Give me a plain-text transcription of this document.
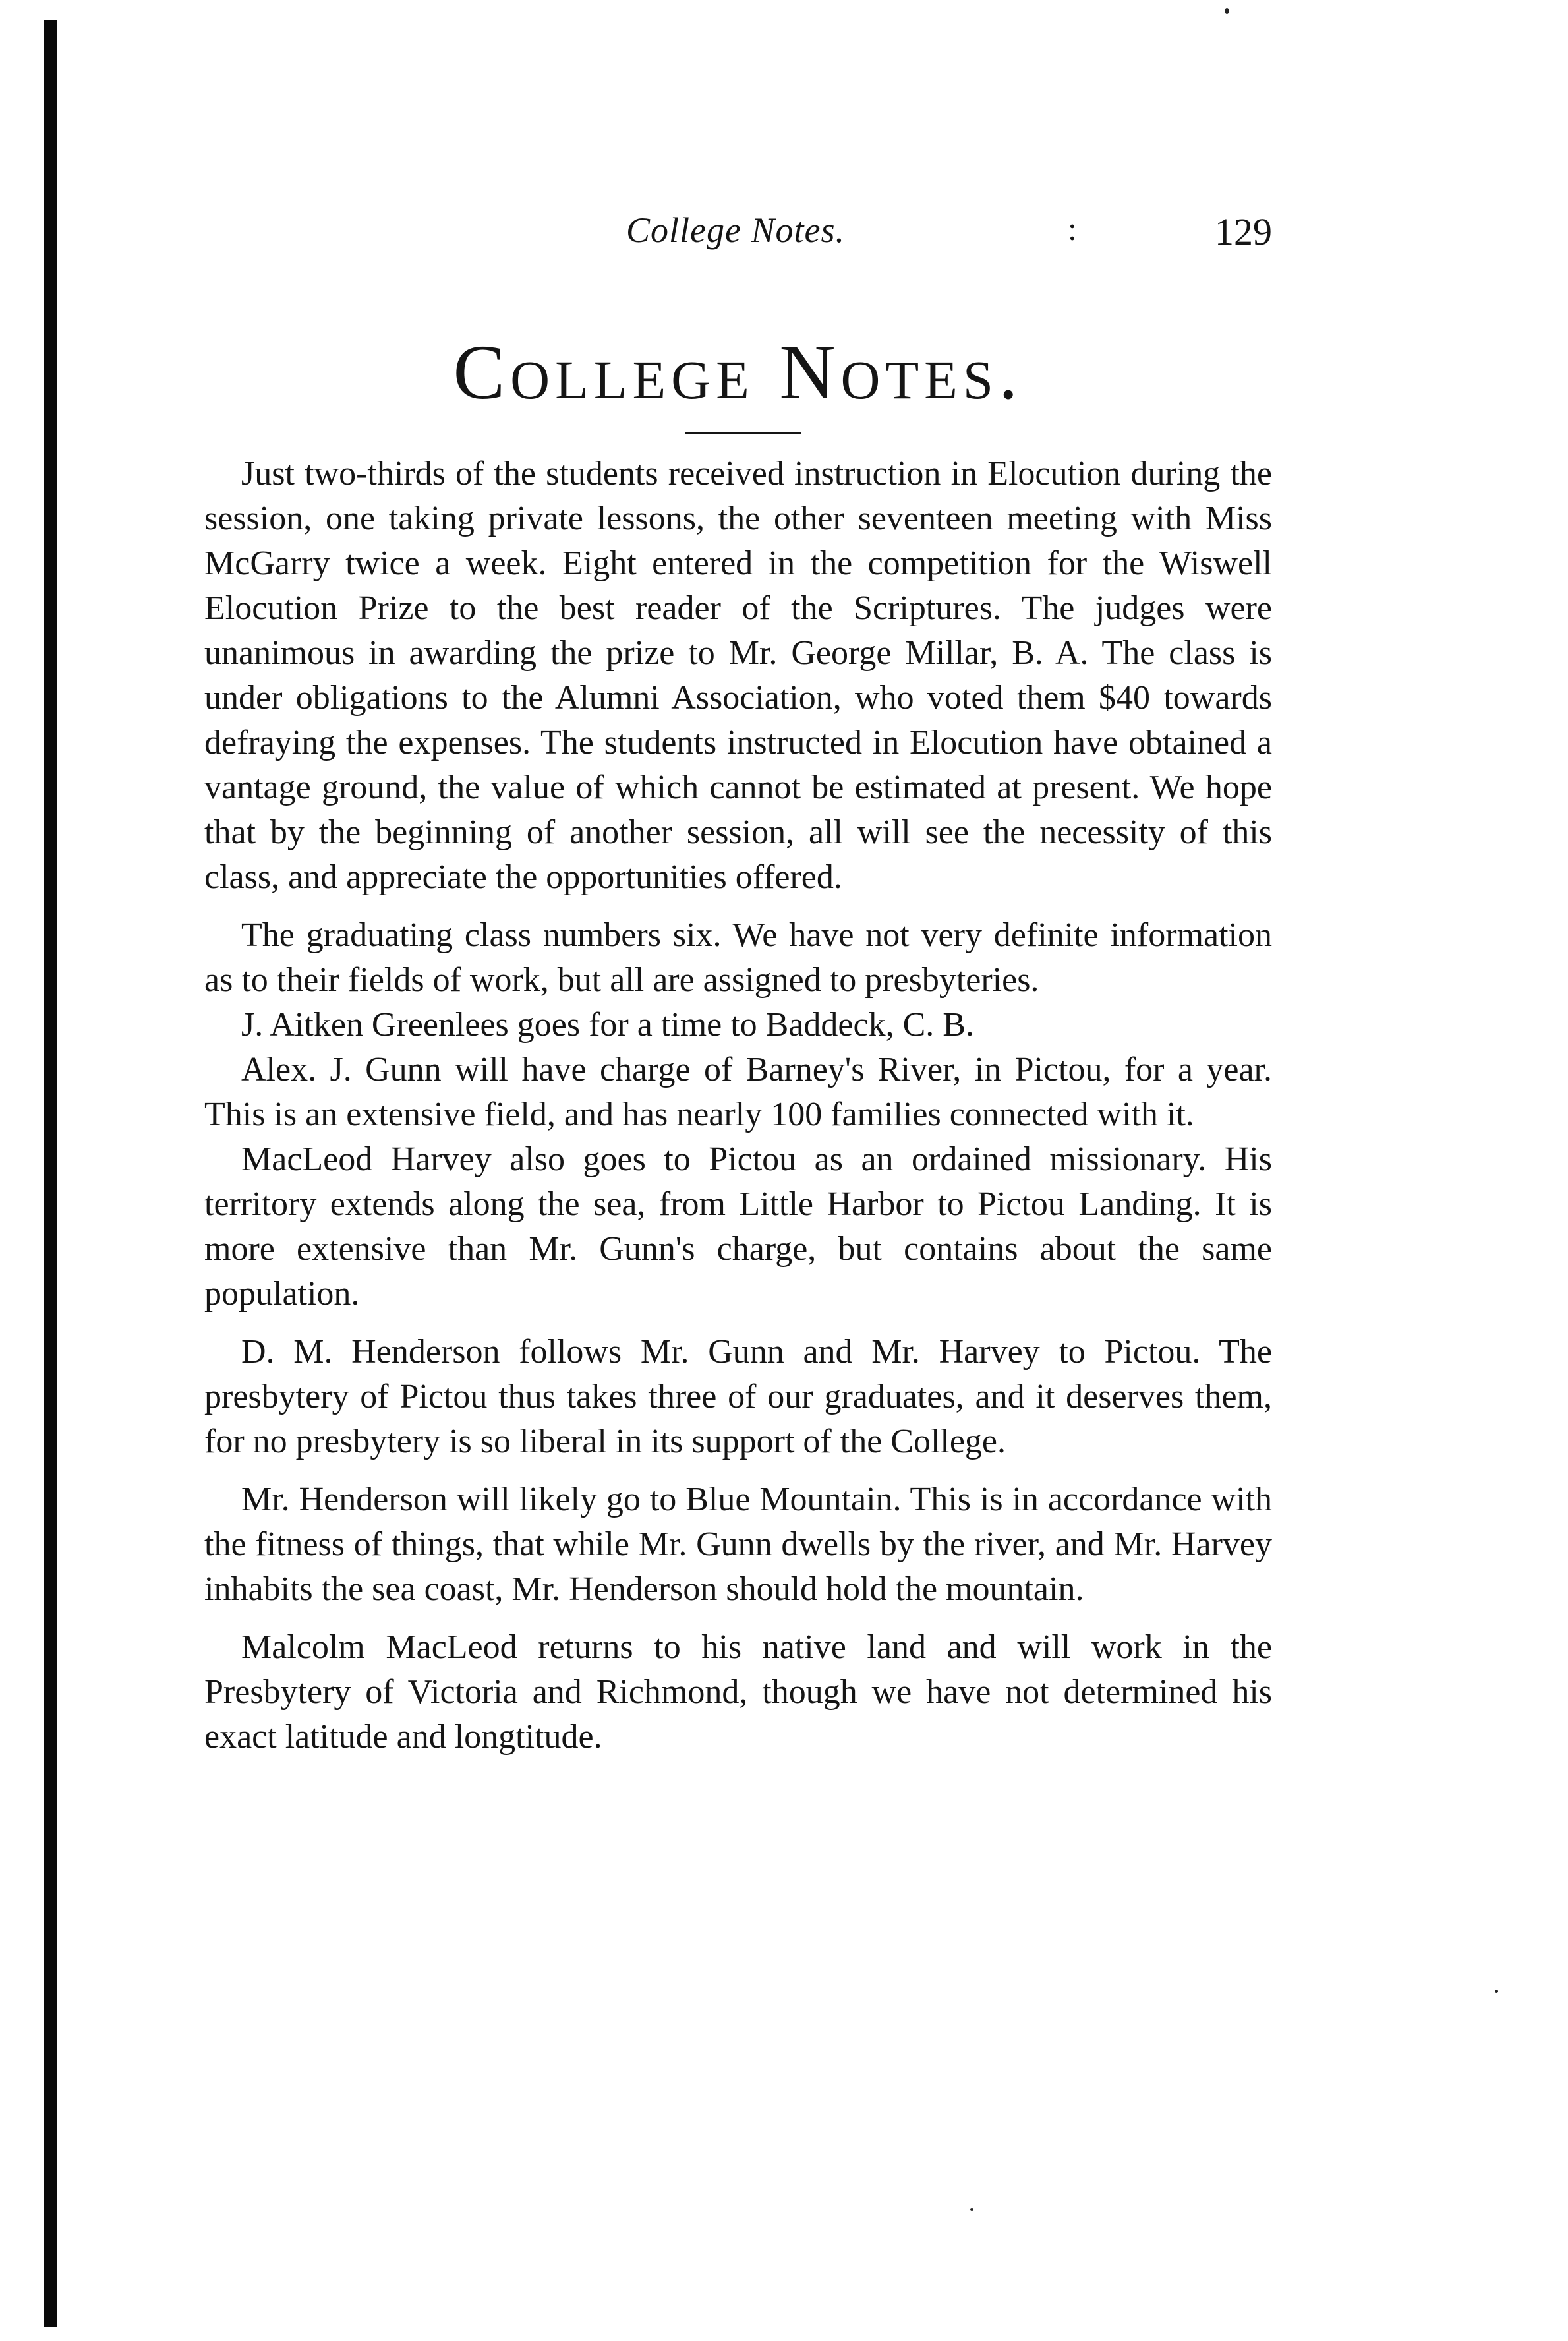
College Notes.	:	129
College Notes.

Just two-thirds of the students received instruction in Elocution during the session, one taking private lessons, the other seventeen meeting with Miss McGarry twice a week. Eight entered in the competition for the Wiswell Elocution Prize to the best reader of the Scriptures. The judges were unanimous in awarding the prize to Mr. George Millar, B. A. The class is under obligations to the Alumni Association, who voted them $40 towards defraying the expenses. The students instructed in Elocution have obtained a vantage ground, the value of which cannot be estimated at present. We hope that by the beginning of another session, all will see the necessity of this class, and appreciate the opportunities offered.

The graduating class numbers six. We have not very definite information as to their fields of work, but all are assigned to presbyteries.

J. Aitken Greenlees goes for a time to Baddeck, C. B.

Alex. J. Gunn will have charge of Barney's River, in Pictou, for a year. This is an extensive field, and has nearly 100 families connected with it.

MacLeod Harvey also goes to Pictou as an ordained missionary. His territory extends along the sea, from Little Harbor to Pictou Landing. It is more extensive than Mr. Gunn's charge, but contains about the same population.

D. M. Henderson follows Mr. Gunn and Mr. Harvey to Pictou. The presbytery of Pictou thus takes three of our graduates, and it deserves them, for no presbytery is so liberal in its support of the College.

Mr. Henderson will likely go to Blue Mountain. This is in accordance with the fitness of things, that while Mr. Gunn dwells by the river, and Mr. Harvey inhabits the sea coast, Mr. Henderson should hold the mountain.

Malcolm MacLeod returns to his native land and will work in the Presbytery of Victoria and Richmond, though we have not determined his exact latitude and longtitude.
